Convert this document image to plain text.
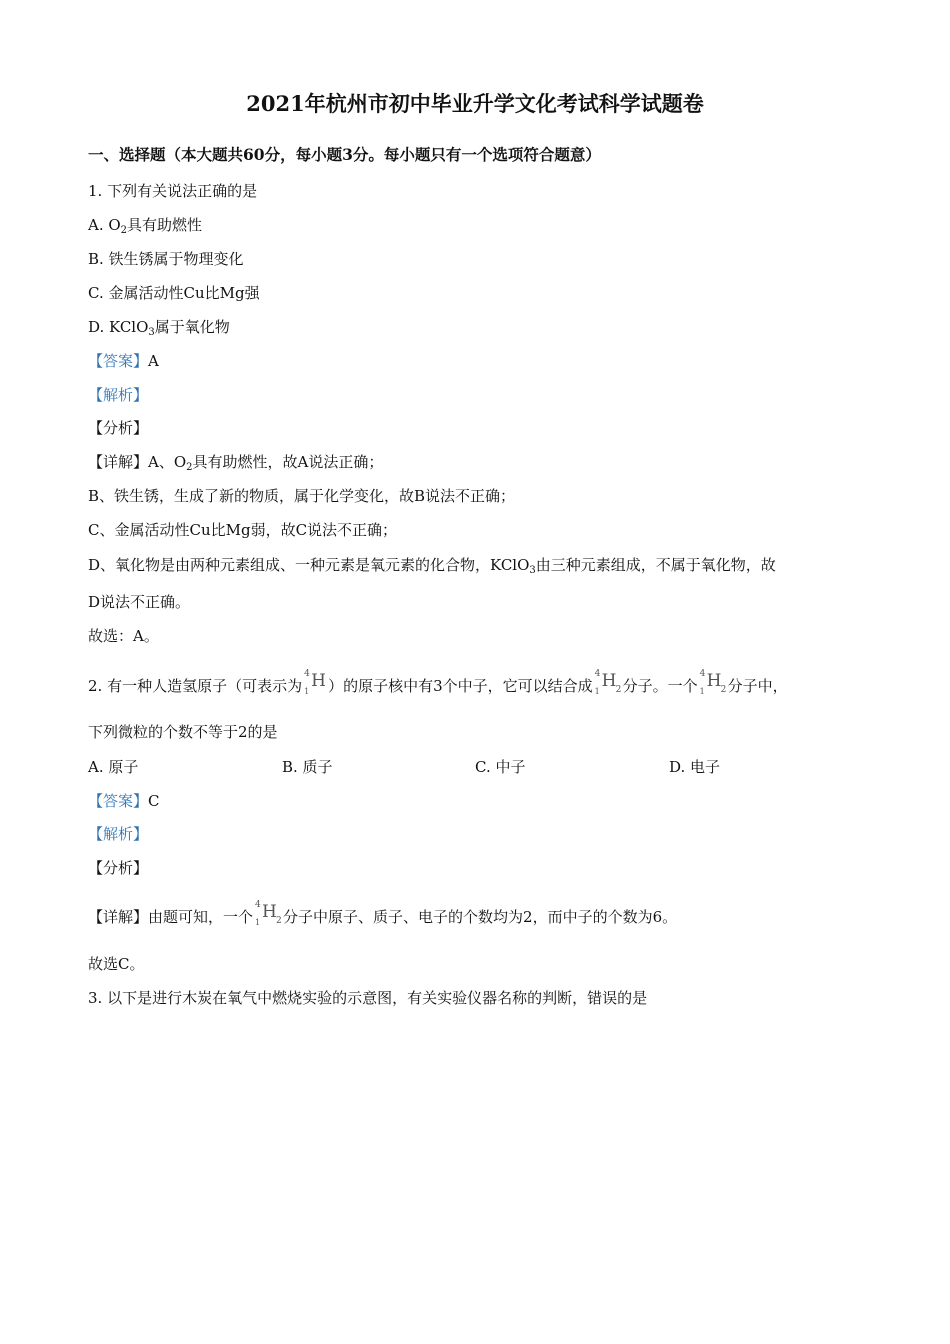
2021年杭州市初中毕业升学文化考试科学试题卷
一、选择题（本大题共60分，每小题3分。每小题只有一个选项符合题意）
1. 下列有关说法正确的是
A. $O_2$具有助燃性
B. 铁生锈属于物理变化
C. 金属活动性Cu比Mg强
D. KClO$_3$属于氧化物
【答案】A
【解析】
【分析】
【详解】A、$O_2$具有助燃性，故A说法正确；
B、铁生锈，生成了新的物质，属于化学变化，故B说法不正确；
C、金属活动性Cu比Mg弱，故C说法不正确；
D、氧化物是由两种元素组成、一种元素是氧元素的化合物，KClO$_3$由三种元素组成，不属于氧化物，故
D说法不正确。
故选：A。
2. 有一种人造氢原子（可表示为
4
1
H ）的原子核中有3个中子，它可以结合成
4
1
H 2 分子。一个
4
1
H 2 分子中，
下列微粒的个数不等于2的是
A. 原子	B. 质子	C. 中子	D. 电子
【答案】C
【解析】
【分析】
【详解】由题可知，一个
4
1
H 2 分子中原子、质子、电子的个数均为2，而中子的个数为6。
故选C。
3. 以下是进行木炭在氧气中燃烧实验的示意图，有关实验仪器名称的判断，错误的是
